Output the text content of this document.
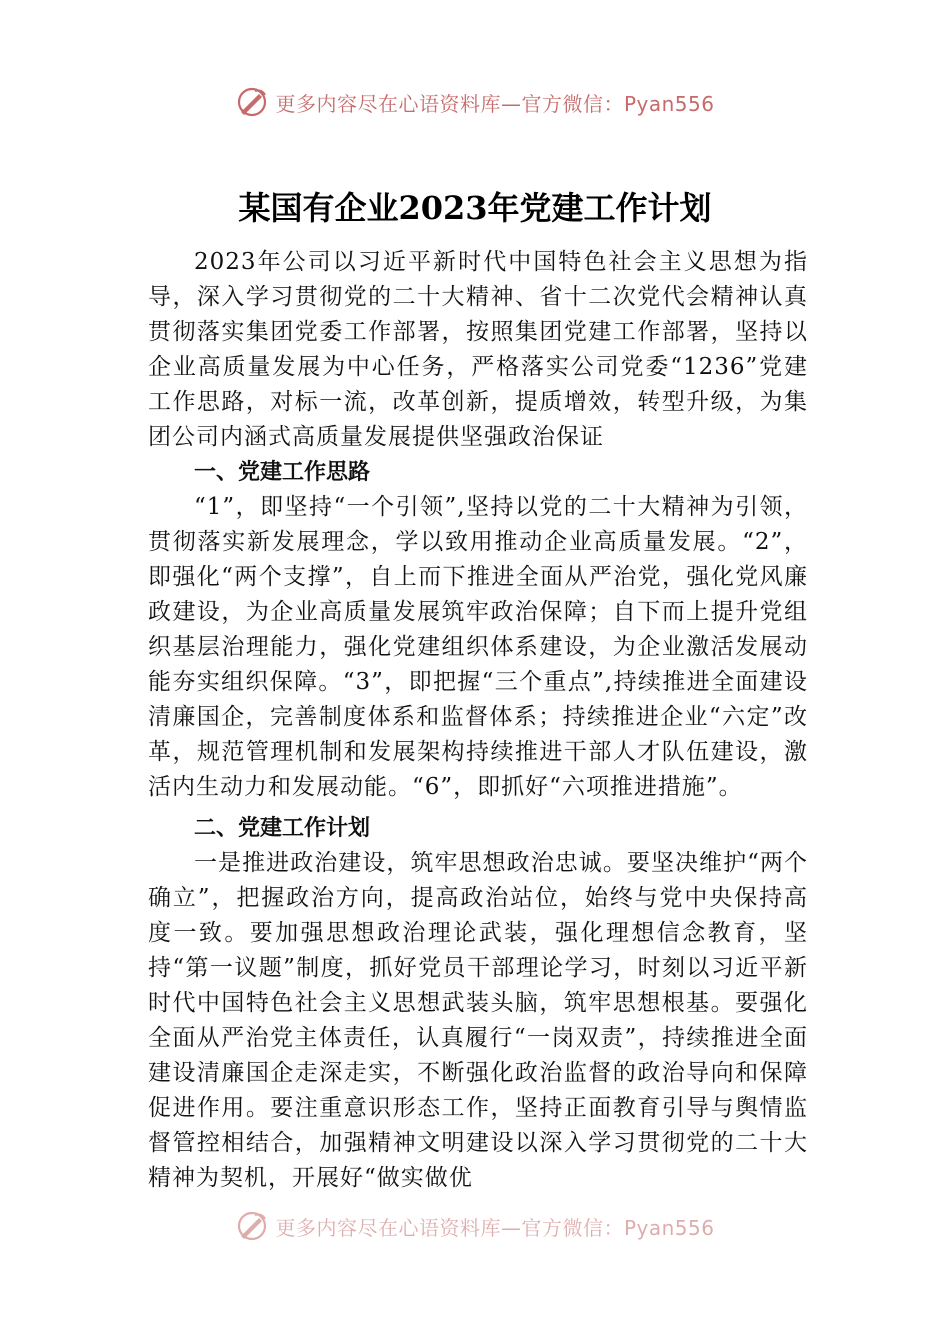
更多内容尽在心语资料库—官方微信：Pyan556
某国有企业2023年党建工作计划

2023年公司以习近平新时代中国特色社会主义思想为指导，深入学习贯彻党的二十大精神、省十二次党代会精神认真贯彻落实集团党委工作部署，按照集团党建工作部署，坚持以企业高质量发展为中心任务，严格落实公司党委“1236”党建工作思路，对标一流，改革创新，提质增效，转型升级，为集团公司内涵式高质量发展提供坚强政治保证

一、党建工作思路

“1”，即坚持“一个引领”,坚持以党的二十大精神为引领，贯彻落实新发展理念，学以致用推动企业高质量发展。“2”，即强化“两个支撑”，自上而下推进全面从严治党，强化党风廉政建设，为企业高质量发展筑牢政治保障；自下而上提升党组织基层治理能力，强化党建组织体系建设，为企业激活发展动能夯实组织保障。“3”，即把握“三个重点”,持续推进全面建设清廉国企，完善制度体系和监督体系；持续推进企业“六定”改革，规范管理机制和发展架构持续推进干部人才队伍建设，激活内生动力和发展动能。“6”，即抓好“六项推进措施”。

二、党建工作计划

一是推进政治建设，筑牢思想政治忠诚。要坚决维护“两个确立”，把握政治方向，提高政治站位，始终与党中央保持高度一致。要加强思想政治理论武装，强化理想信念教育，坚持“第一议题”制度，抓好党员干部理论学习，时刻以习近平新时代中国特色社会主义思想武装头脑，筑牢思想根基。要强化全面从严治党主体责任，认真履行“一岗双责”，持续推进全面建设清廉国企走深走实，不断强化政治监督的政治导向和保障促进作用。要注重意识形态工作，坚持正面教育引导与舆情监督管控相结合，加强精神文明建设以深入学习贯彻党的二十大精神为契机，开展好“做实做优

更多内容尽在心语资料库—官方微信：Pyan556
